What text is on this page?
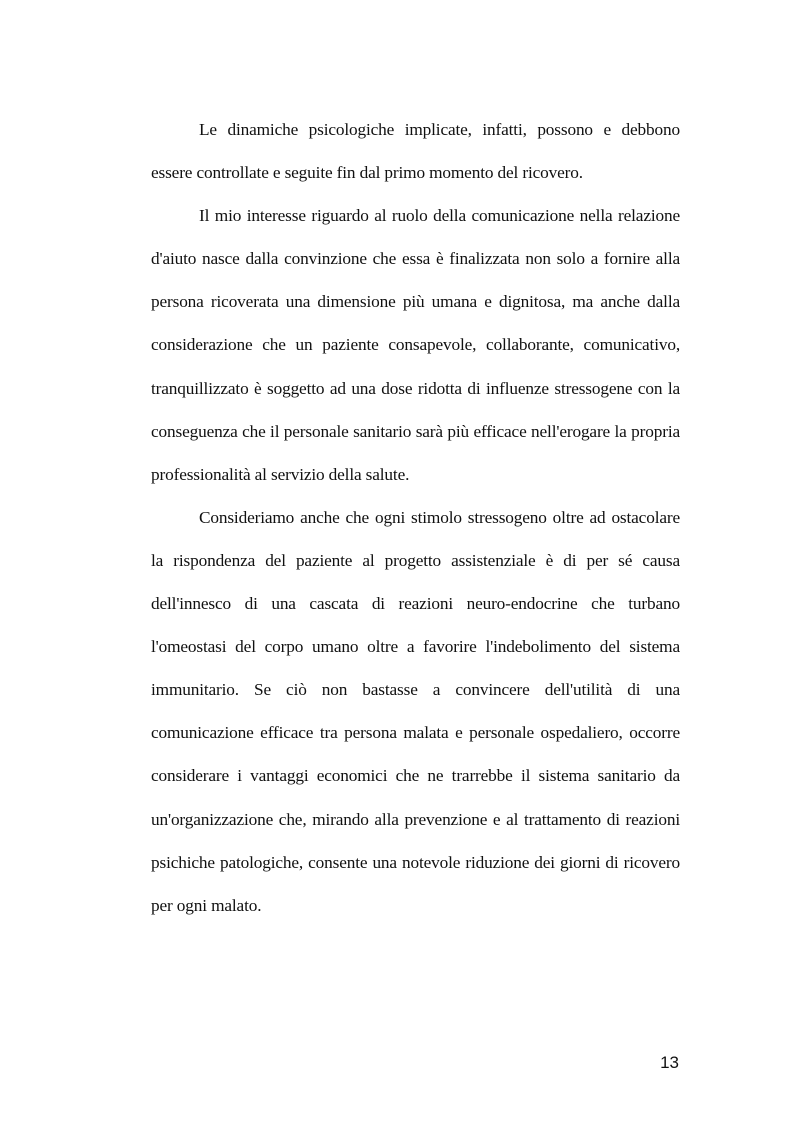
Le dinamiche psicologiche implicate, infatti, possono e debbono essere controllate e seguite fin dal primo momento del ricovero.

Il mio interesse riguardo al ruolo della comunicazione nella relazione d'aiuto nasce dalla convinzione che essa è finalizzata non solo a fornire alla persona ricoverata una dimensione più umana e dignitosa, ma anche dalla considerazione che un paziente consapevole, collaborante, comunicativo, tranquillizzato è soggetto ad una dose ridotta di influenze stressogene con la conseguenza che il personale sanitario sarà più efficace nell'erogare la propria professionalità al servizio della salute.

Consideriamo anche che ogni stimolo stressogeno oltre ad ostacolare la rispondenza del paziente al progetto assistenziale è di per sé causa dell'innesco di una cascata di reazioni neuro-endocrine che turbano l'omeostasi del corpo umano oltre a favorire l'indebolimento del sistema immunitario. Se ciò non bastasse a convincere dell'utilità di una comunicazione efficace tra persona malata e personale ospedaliero, occorre considerare i vantaggi economici che ne trarrebbe il sistema sanitario da un'organizzazione che, mirando alla prevenzione e al trattamento di reazioni psichiche patologiche, consente una notevole riduzione dei giorni di ricovero per ogni malato.

13
